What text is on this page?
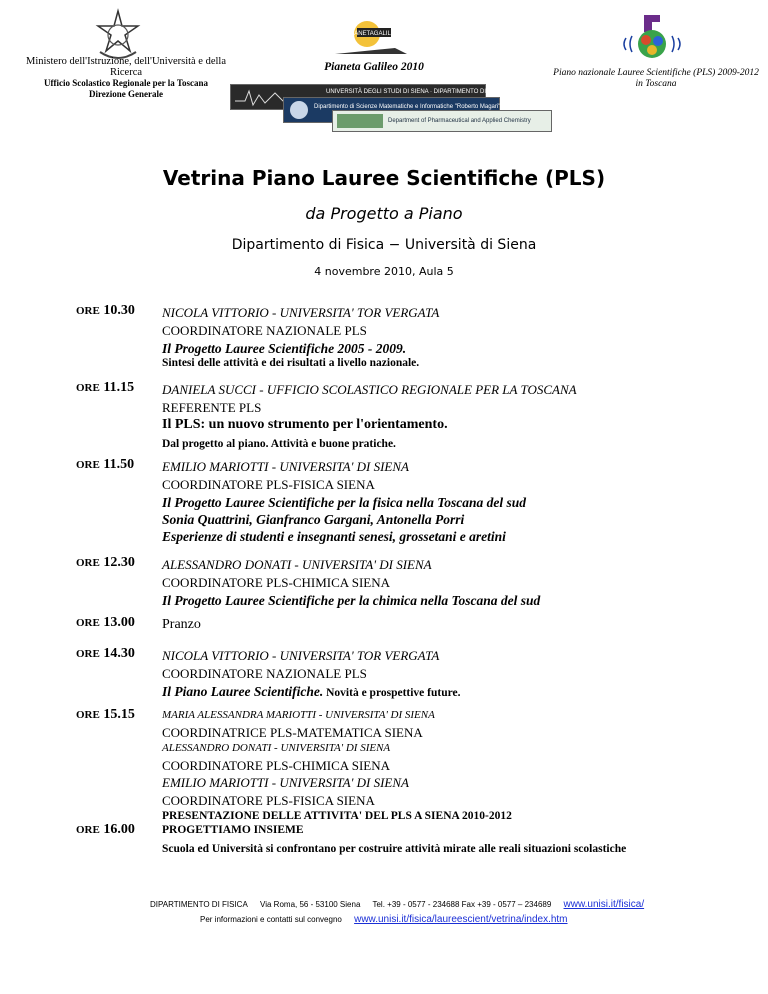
Ministero dell'Istruzione, dell'Università e della Ricerca
Ufficio Scolastico Regionale per la Toscana
Direzione Generale
PIANETAGALILEO
Pianeta Galileo 2010	Piano nazionale Lauree Scientifiche (PLS) 2009-2012
in Toscana
UNIVERSITÀ DEGLI STUDI DI SIENA · DIPARTIMENTO DI FISICA
Dipartimento di Scienze Matematiche e Informatiche "Roberto Magari"
Department of Pharmaceutical and Applied Chemistry
Vetrina Piano Lauree Scientifiche (PLS)
da Progetto a Piano
Dipartimento di Fisica − Università di Siena
4 novembre 2010, Aula 5
ORE 10.30 NICOLA VITTORIO - UNIVERSITA' TOR VERGATA
COORDINATORE NAZIONALE PLS
Il Progetto Lauree Scientifiche 2005 - 2009.
Sintesi delle attività e dei risultati a livello nazionale.
ORE 11.15 DANIELA SUCCI - UFFICIO SCOLASTICO REGIONALE PER LA TOSCANA
REFERENTE PLS
Il PLS: un nuovo strumento per l'orientamento.
Dal progetto al piano. Attività e buone pratiche.
ORE 11.50 EMILIO MARIOTTI - UNIVERSITA' DI SIENA
COORDINATORE PLS-FISICA SIENA
Il Progetto Lauree Scientifiche per la fisica nella Toscana del sud
Sonia Quattrini, Gianfranco Gargani, Antonella Porri
Esperienze di studenti e insegnanti senesi, grossetani e aretini
ORE 12.30 ALESSANDRO DONATI - UNIVERSITA' DI SIENA
COORDINATORE PLS-CHIMICA SIENA
Il Progetto Lauree Scientifiche per la chimica nella Toscana del sud
ORE 13.00 Pranzo
ORE 14.30 NICOLA VITTORIO - UNIVERSITA' TOR VERGATA
COORDINATORE NAZIONALE PLS
Il Piano Lauree Scientifiche. Novità e prospettive future.
ORE 15.15 MARIA ALESSANDRA MARIOTTI - UNIVERSITA' DI SIENA
COORDINATRICE PLS-MATEMATICA SIENA
ALESSANDRO DONATI - UNIVERSITA' DI SIENA
COORDINATORE PLS-CHIMICA SIENA
EMILIO MARIOTTI - UNIVERSITA' DI SIENA
COORDINATORE PLS-FISICA SIENA
PRESENTAZIONE DELLE ATTIVITA' DEL PLS A SIENA 2010-2012
ORE 16.00 PROGETTIAMO INSIEME
Scuola ed Università si confrontano per costruire attività mirate alle reali situazioni scolastiche
DIPARTIMENTO DI FISICA Via Roma, 56 - 53100 Siena Tel. +39 - 0577 - 234688 Fax +39 - 0577 – 234689 www.unisi.it/fisica/
Per informazioni e contatti sul convegno www.unisi.it/fisica/laureescient/vetrina/index.htm
